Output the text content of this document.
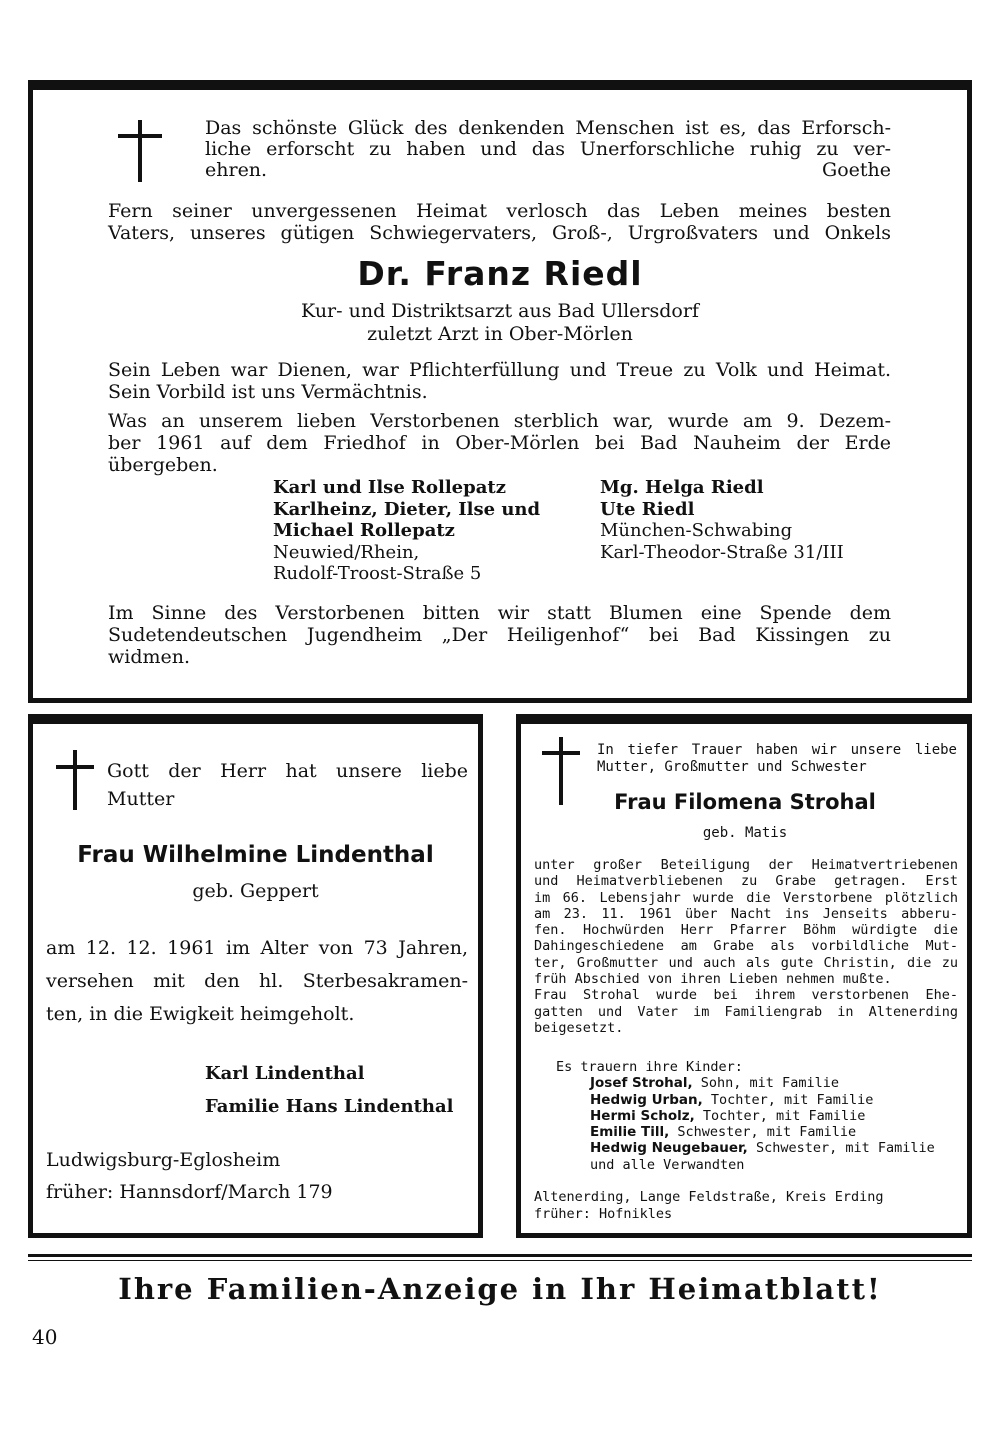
Das schönste Glück des denkenden Menschen ist es, das Erforsch-
liche erforscht zu haben und das Unerforschliche ruhig zu ver-
ehren.	Goethe
Fern seiner unvergessenen Heimat verlosch das Leben meines besten
Vaters, unseres gütigen Schwiegervaters, Groß-, Urgroßvaters und Onkels
Dr. Franz Riedl
Kur- und Distriktsarzt aus Bad Ullersdorf
zuletzt Arzt in Ober-Mörlen
Sein Leben war Dienen, war Pflichterfüllung und Treue zu Volk und Heimat.
Sein Vorbild ist uns Vermächtnis.
Was an unserem lieben Verstorbenen sterblich war, wurde am 9. Dezem-
ber 1961 auf dem Friedhof in Ober-Mörlen bei Bad Nauheim der Erde
übergeben.
Karl und Ilse Rollepatz
Karlheinz, Dieter, Ilse und
Michael Rollepatz
Neuwied/Rhein,
Rudolf-Troost-Straße 5
Mg. Helga Riedl
Ute Riedl
München-Schwabing
Karl-Theodor-Straße 31/III
Im Sinne des Verstorbenen bitten wir statt Blumen eine Spende dem
Sudetendeutschen Jugendheim „Der Heiligenhof“ bei Bad Kissingen zu
widmen.
Gott der Herr hat unsere liebe
Mutter
Frau Wilhelmine Lindenthal
geb. Geppert
am 12. 12. 1961 im Alter von 73 Jahren,
versehen mit den hl. Sterbesakramen-
ten, in die Ewigkeit heimgeholt.
Karl Lindenthal
Familie Hans Lindenthal
Ludwigsburg-Eglosheim
früher: Hannsdorf/March 179
In tiefer Trauer haben wir unsere liebe
Mutter, Großmutter und Schwester
Frau Filomena Strohal
geb. Matis
unter großer Beteiligung der Heimatvertriebenen
und Heimatverbliebenen zu Grabe getragen. Erst
im 66. Lebensjahr wurde die Verstorbene plötzlich
am 23. 11. 1961 über Nacht ins Jenseits abberu-
fen. Hochwürden Herr Pfarrer Böhm würdigte die
Dahingeschiedene am Grabe als vorbildliche Mut-
ter, Großmutter und auch als gute Christin, die zu
früh Abschied von ihren Lieben nehmen mußte.
Frau Strohal wurde bei ihrem verstorbenen Ehe-
gatten und Vater im Familiengrab in Altenerding
beigesetzt.
Es trauern ihre Kinder:
Josef Strohal, Sohn, mit Familie
Hedwig Urban, Tochter, mit Familie
Hermi Scholz, Tochter, mit Familie
Emilie Till, Schwester, mit Familie
Hedwig Neugebauer, Schwester, mit Familie
und alle Verwandten
Altenerding, Lange Feldstraße, Kreis Erding
früher: Hofnikles
Ihre Familien-Anzeige in Ihr Heimatblatt!
40
